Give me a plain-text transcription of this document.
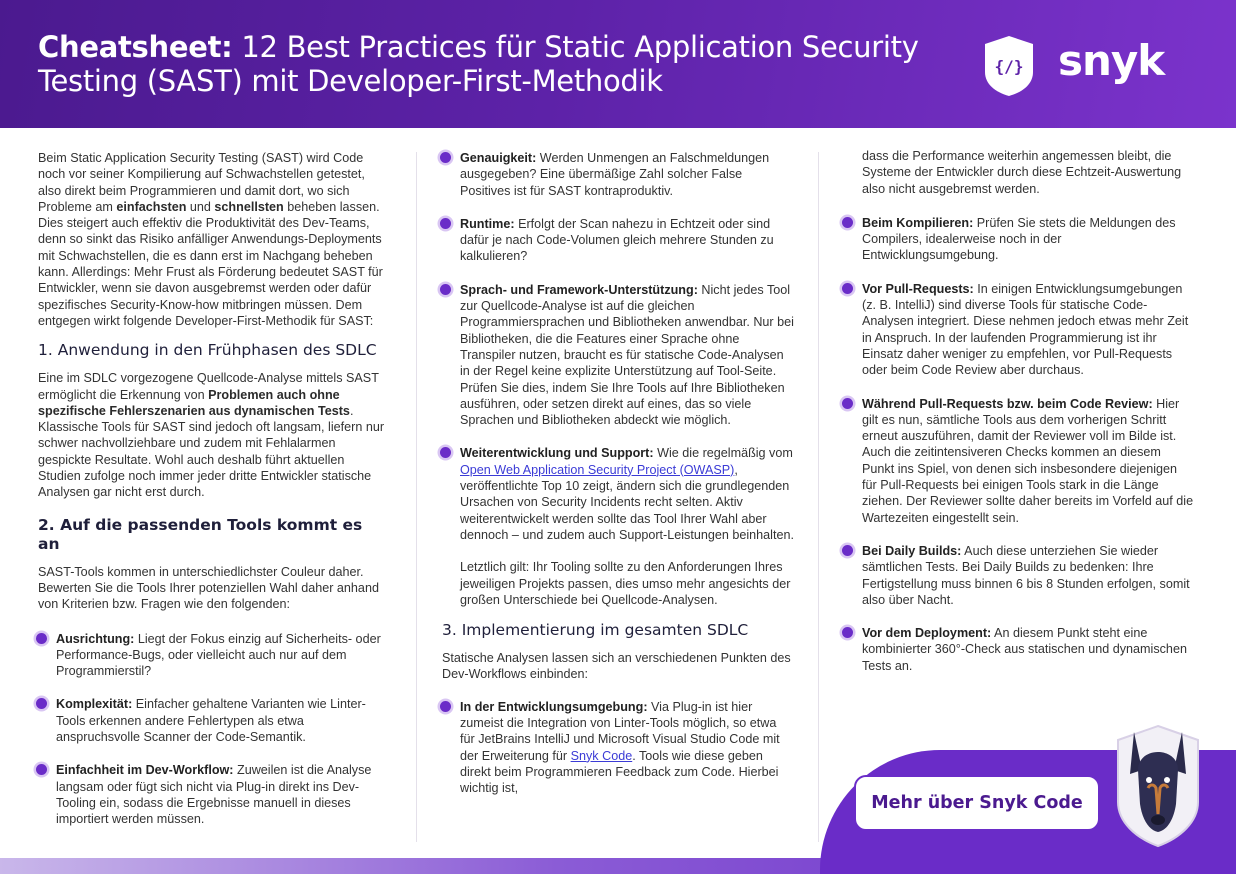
Cheatsheet: 12 Best Practices für Static Application Security Testing (SAST) mit Developer-First-Methodik	{/} snyk

Beim Static Application Security Testing (SAST) wird Code noch vor seiner Kompilierung auf Schwachstellen getestet, also direkt beim Programmieren und damit dort, wo sich Probleme am einfachsten und schnellsten beheben lassen. Dies steigert auch effektiv die Produktivität des Dev-Teams, denn so sinkt das Risiko anfälliger Anwendungs-Deployments mit Schwachstellen, die es dann erst im Nachgang beheben kann. Allerdings: Mehr Frust als Förderung bedeutet SAST für Entwickler, wenn sie davon ausgebremst werden oder dafür spezifisches Security-Know-how mitbringen müssen. Dem entgegen wirkt folgende Developer-First-Methodik für SAST:

1. Anwendung in den Frühphasen des SDLC

Eine im SDLC vorgezogene Quellcode-Analyse mittels SAST ermöglicht die Erkennung von Problemen auch ohne spezifische Fehlerszenarien aus dynamischen Tests. Klassische Tools für SAST sind jedoch oft langsam, liefern nur schwer nachvollziehbare und zudem mit Fehlalarmen gespickte Resultate. Wohl auch deshalb führt aktuellen Studien zufolge noch immer jeder dritte Entwickler statische Analysen gar nicht erst durch.

2. Auf die passenden Tools kommt es an

SAST-Tools kommen in unterschiedlichster Couleur daher. Bewerten Sie die Tools Ihrer potenziellen Wahl daher anhand von Kriterien bzw. Fragen wie den folgenden:

Ausrichtung: Liegt der Fokus einzig auf Sicherheits- oder Performance-Bugs, oder vielleicht auch nur auf dem Programmierstil?
Komplexität: Einfacher gehaltene Varianten wie Linter-Tools erkennen andere Fehlertypen als etwa anspruchsvolle Scanner der Code-Semantik.
Einfachheit im Dev-Workflow: Zuweilen ist die Analyse langsam oder fügt sich nicht via Plug-in direkt ins Dev-Tooling ein, sodass die Ergebnisse manuell in dieses importiert werden müssen.
Genauigkeit: Werden Unmengen an Falschmeldungen ausgegeben? Eine übermäßige Zahl solcher False Positives ist für SAST kontraproduktiv.
Runtime: Erfolgt der Scan nahezu in Echtzeit oder sind dafür je nach Code-Volumen gleich mehrere Stunden zu kalkulieren?
Sprach- und Framework-Unterstützung: Nicht jedes Tool zur Quellcode-Analyse ist auf die gleichen Programmiersprachen und Bibliotheken anwendbar. Nur bei Bibliotheken, die die Features einer Sprache ohne Transpiler nutzen, braucht es für statische Code-Analysen in der Regel keine explizite Unterstützung auf Tool-Seite. Prüfen Sie dies, indem Sie Ihre Tools auf Ihre Bibliotheken ausführen, oder setzen direkt auf eines, das so viele Sprachen und Bibliotheken abdeckt wie möglich.
Weiterentwicklung und Support: Wie die regelmäßig vom Open Web Application Security Project (OWASP), veröffentlichte Top 10 zeigt, ändern sich die grundlegenden Ursachen von Security Incidents recht selten. Aktiv weiterentwickelt werden sollte das Tool Ihrer Wahl aber dennoch – und zudem auch Support-Leistungen beinhalten.
Letztlich gilt: Ihr Tooling sollte zu den Anforderungen Ihres jeweiligen Projekts passen, dies umso mehr angesichts der großen Unterschiede bei Quellcode-Analysen.
3. Implementierung im gesamten SDLC

Statische Analysen lassen sich an verschiedenen Punkten des Dev-Workflows einbinden:

In der Entwicklungsumgebung: Via Plug-in ist hier zumeist die Integration von Linter-Tools möglich, so etwa für JetBrains IntelliJ und Microsoft Visual Studio Code mit der Erweiterung für Snyk Code. Tools wie diese geben direkt beim Programmieren Feedback zum Code. Hierbei wichtig ist,

dass die Performance weiterhin angemessen bleibt, die Systeme der Entwickler durch diese Echtzeit-Auswertung also nicht ausgebremst werden.

Beim Kompilieren: Prüfen Sie stets die Meldungen des Compilers, idealerweise noch in der Entwicklungsumgebung.
Vor Pull-Requests: In einigen Entwicklungsumgebungen (z. B. IntelliJ) sind diverse Tools für statische Code-Analysen integriert. Diese nehmen jedoch etwas mehr Zeit in Anspruch. In der laufenden Programmierung ist ihr Einsatz daher weniger zu empfehlen, vor Pull-Requests oder beim Code Review aber durchaus.
Während Pull-Requests bzw. beim Code Review: Hier gilt es nun, sämtliche Tools aus dem vorherigen Schritt erneut auszuführen, damit der Reviewer voll im Bilde ist. Auch die zeitintensiveren Checks kommen an diesem Punkt ins Spiel, von denen sich insbesondere diejenigen für Pull-Requests bei einigen Tools stark in die Länge ziehen. Der Reviewer sollte daher bereits im Vorfeld auf die Wartezeiten eingestellt sein.
Bei Daily Builds: Auch diese unterziehen Sie wieder sämtlichen Tests. Bei Daily Builds zu bedenken: Ihre Fertigstellung muss binnen 6 bis 8 Stunden erfolgen, somit also über Nacht.
Vor dem Deployment: An diesem Punkt steht eine kombinierter 360°-Check aus statischen und dynamischen Tests an.
Mehr über Snyk Code
